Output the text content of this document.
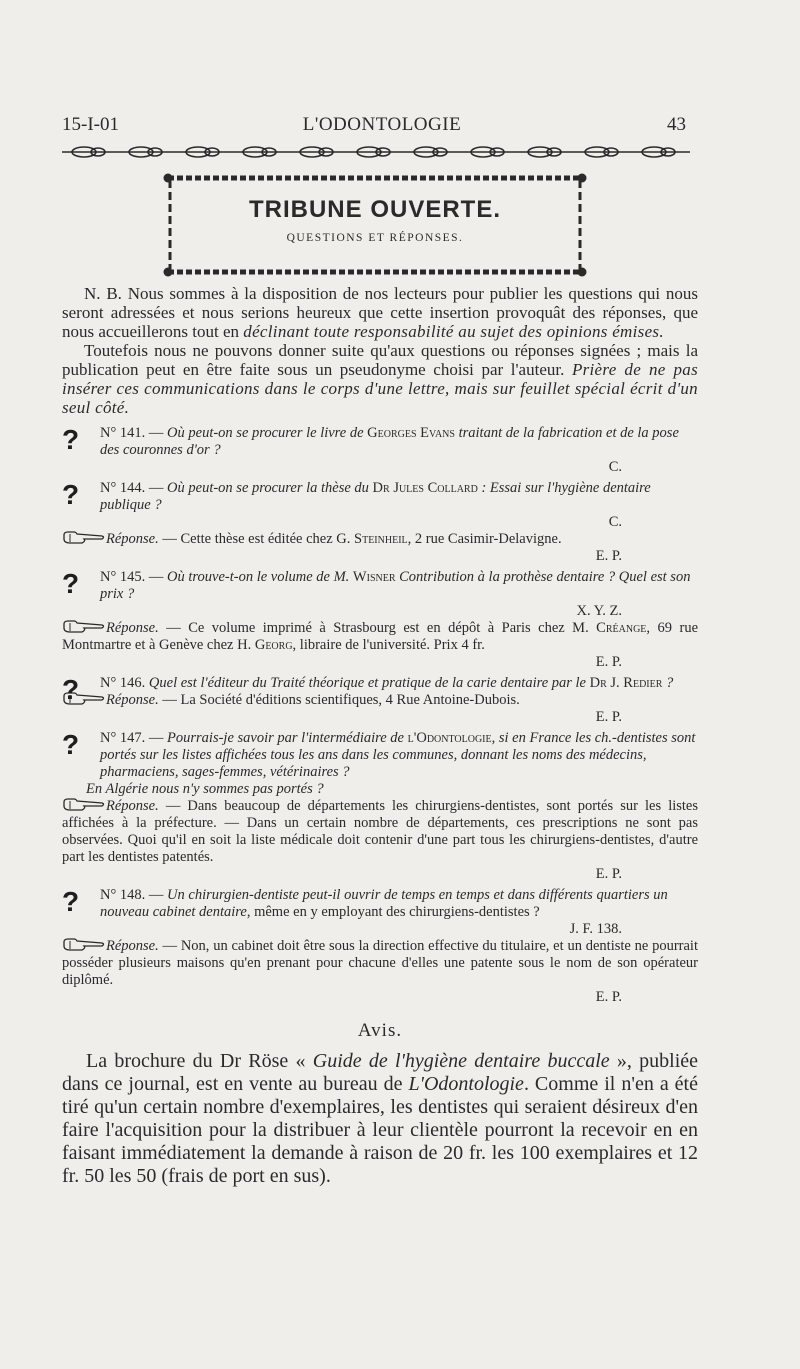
15-I-01	L'ODONTOLOGIE	43
TRIBUNE OUVERTE.
QUESTIONS ET RÉPONSES.

N. B. Nous sommes à la disposition de nos lecteurs pour publier les questions qui nous seront adressées et nous serions heureux que cette insertion provoquât des réponses, que nous accueillerons tout en déclinant toute responsabilité au sujet des opinions émises.

Toutefois nous ne pouvons donner suite qu'aux questions ou réponses signées ; mais la publication peut en être faite sous un pseudonyme choisi par l'auteur. Prière de ne pas insérer ces communications dans le corps d'une lettre, mais sur feuillet spécial écrit d'un seul côté.

? N° 141. — Où peut-on se procurer le livre de Georges Evans traitant de la fabrication et de la pose des couronnes d'or ?
C.
? N° 144. — Où peut-on se procurer la thèse du Dr Jules Collard : Essai sur l'hygiène dentaire publique ?
C.
Réponse. — Cette thèse est éditée chez G. Steinheil, 2 rue Casimir-Delavigne.
E. P.
? N° 145. — Où trouve-t-on le volume de M. Wisner Contribution à la prothèse dentaire ? Quel est son prix ?
X. Y. Z.
Réponse. — Ce volume imprimé à Strasbourg est en dépôt à Paris chez M. Créange, 69 rue Montmartre et à Genève chez H. Georg, libraire de l'université. Prix 4 fr.
E. P.
? N° 146. Quel est l'éditeur du Traité théorique et pratique de la carie dentaire par le Dr J. Redier ?
Réponse. — La Société d'éditions scientifiques, 4 Rue Antoine-Dubois.
E. P.
? N° 147. — Pourrais-je savoir par l'intermédiaire de l'Odontologie, si en France les ch.-dentistes sont portés sur les listes affichées tous les ans dans les communes, donnant les noms des médecins, pharmaciens, sages-femmes, vétérinaires ?
En Algérie nous n'y sommes pas portés ?
Réponse. — Dans beaucoup de départements les chirurgiens-dentistes, sont portés sur les listes affichées à la préfecture. — Dans un certain nombre de départements, ces prescriptions ne sont pas observées. Quoi qu'il en soit la liste médicale doit contenir d'une part tous les chirurgiens-dentistes, d'autre part les dentistes patentés.
E. P.
? N° 148. — Un chirurgien-dentiste peut-il ouvrir de temps en temps et dans différents quartiers un nouveau cabinet dentaire, même en y employant des chirurgiens-dentistes ?
J. F. 138.
Réponse. — Non, un cabinet doit être sous la direction effective du titulaire, et un dentiste ne pourrait posséder plusieurs maisons qu'en prenant pour chacune d'elles une patente sous le nom de son opérateur diplômé.
E. P.
Avis.

La brochure du Dr Röse « Guide de l'hygiène dentaire buccale », publiée dans ce journal, est en vente au bureau de L'Odontologie. Comme il n'en a été tiré qu'un certain nombre d'exemplaires, les dentistes qui seraient désireux d'en faire l'acquisition pour la distribuer à leur clientèle pourront la recevoir en en faisant immédiatement la demande à raison de 20 fr. les 100 exemplaires et 12 fr. 50 les 50 (frais de port en sus).
